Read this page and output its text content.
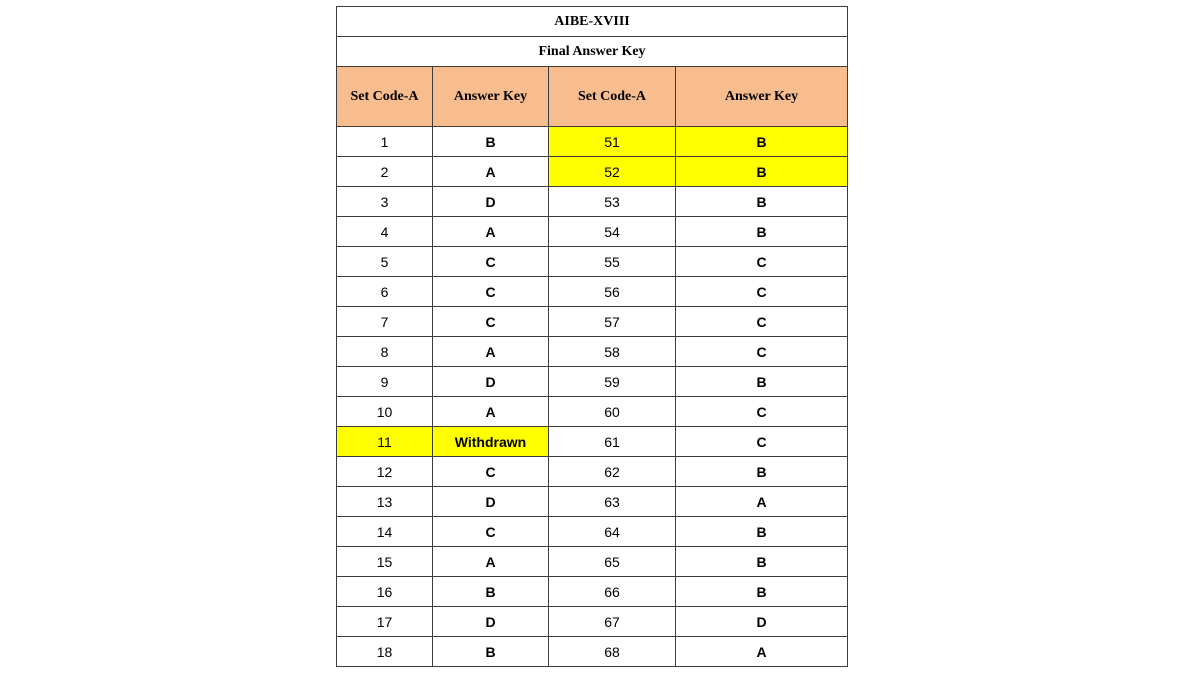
AIBE-XVIII			
Final Answer Key			
Set Code-A	Answer Key	Set Code-A	Answer Key
1	B	51	B
2	A	52	B
3	D	53	B
4	A	54	B
5	C	55	C
6	C	56	C
7	C	57	C
8	A	58	C
9	D	59	B
10	A	60	C
11	Withdrawn	61	C
12	C	62	B
13	D	63	A
14	C	64	B
15	A	65	B
16	B	66	B
17	D	67	D
18	B	68	A
